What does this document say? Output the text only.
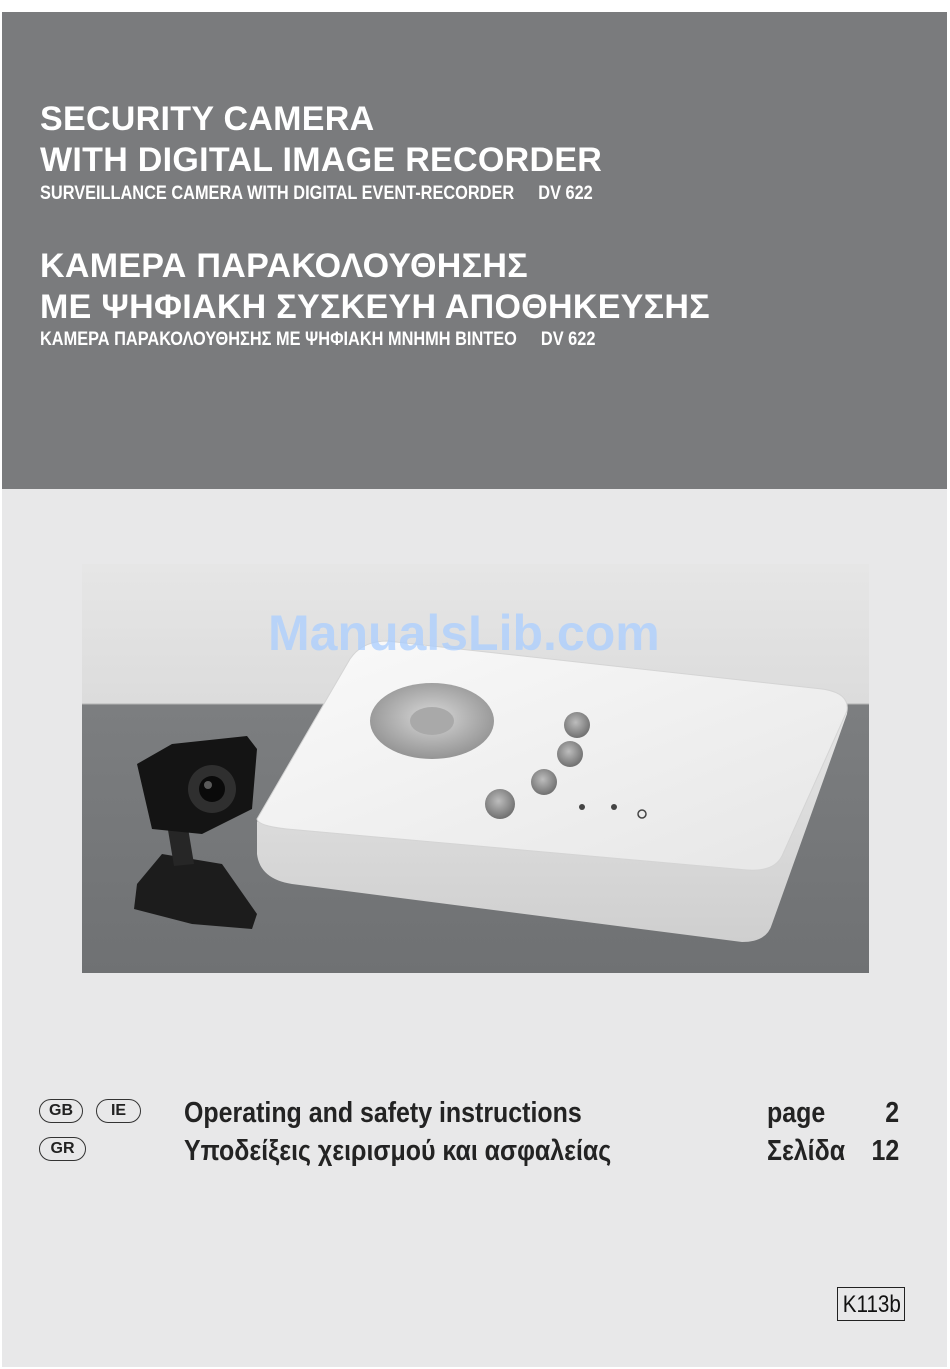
SECURITY CAMERA
WITH DIGITAL IMAGE RECORDER
SURVEILLANCE CAMERA WITH DIGITAL EVENT-RECORDER DV 622
ΚΑΜΕΡΑ ΠΑΡΑΚΟΛΟΥΘΗΣΗΣ
ΜΕ ΨΗΦΙΑΚΗ ΣΥΣΚΕΥΗ ΑΠΟΘΗΚΕΥΣΗΣ
ΚΑΜΕΡΑ ΠΑΡΑΚΟΛΟΥΘΗΣΗΣ ΜΕ ΨΗΦΙΑΚΗ ΜΝΗΜΗ ΒΙΝΤΕΟ DV 622
ManualsLib.com
GB	IE	Operating and safety instructions	page 2
GR	Υποδείξεις χειρισμού και ασφαλείας	Σελίδα 12
K113b
